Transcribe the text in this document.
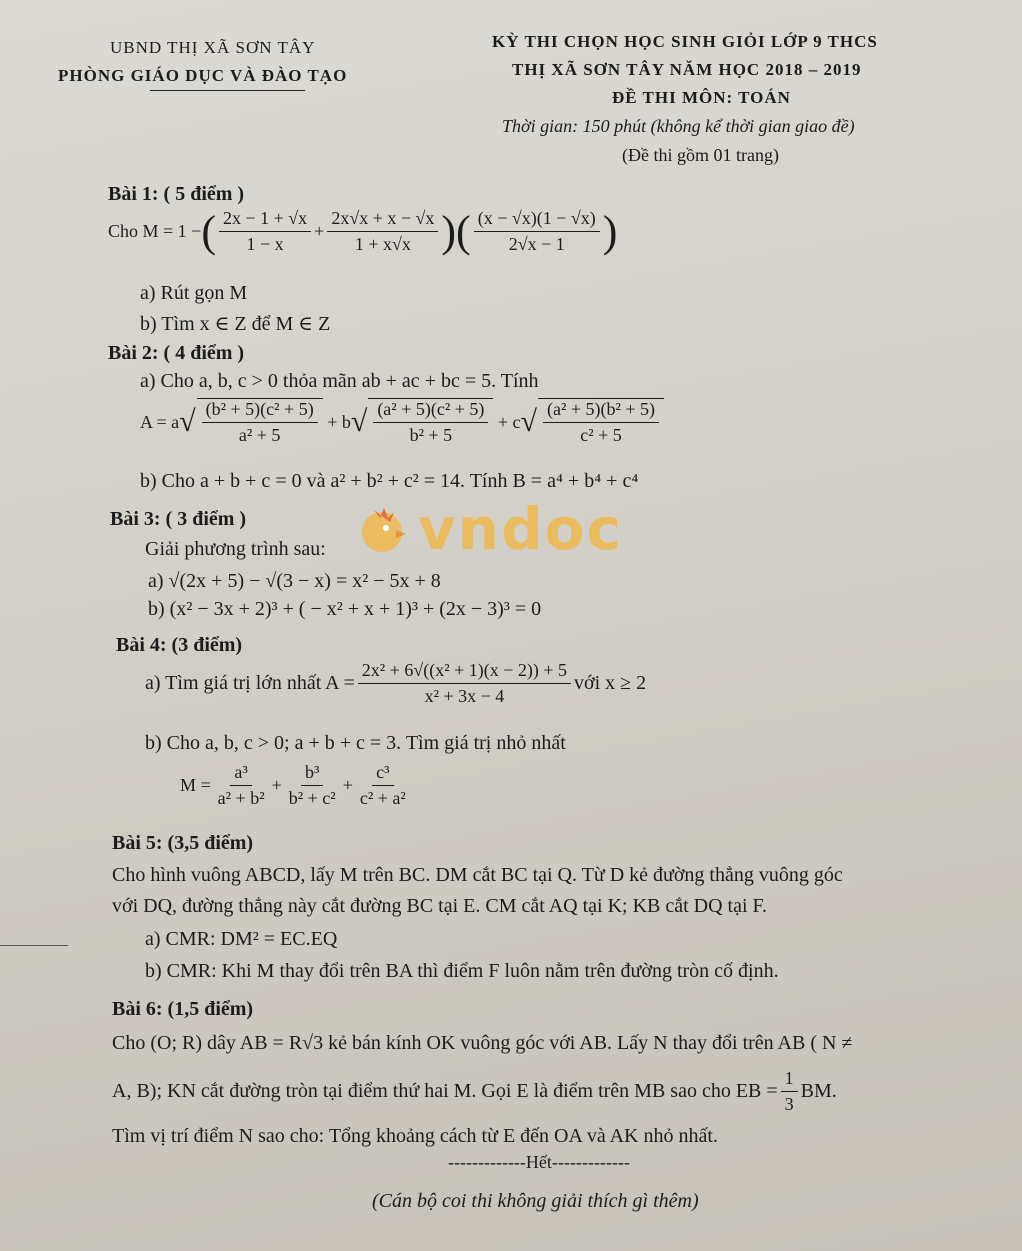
UBND THỊ XÃ SƠN TÂY
PHÒNG GIÁO DỤC VÀ ĐÀO TẠO
KỲ THI CHỌN HỌC SINH GIỎI LỚP 9 THCS
THỊ XÃ SƠN TÂY NĂM HỌC 2018 – 2019
ĐỀ THI MÔN: TOÁN
Thời gian: 150 phút (không kể thời gian giao đề)
(Đề thi gồm 01 trang)
Bài 1: ( 5 điểm )
Cho M = 1 − ( $\frac{2x - 1 + √x}{1 - x} + \frac{2x√x + x - √x}{1 + x√x}$ )( $\frac{(x - √x)(1 - √x)}{2√x - 1}$ )
a) Rút gọn M
b) Tìm x ∈ Z để M ∈ Z
Bài 2: ( 4 điểm )
a) Cho a, b, c > 0 thỏa mãn ab + ac + bc = 5. Tính
A = a √ $\frac{\text{(b² + 5)(c² + 5)}}{\text{a² + 5}} + b$ √ $\frac{\text{(a² + 5)(c² + 5)}}{\text{b² + 5}} + c$ √ $\frac{\text{(a² + 5)(b² + 5)}}{\text{c² + 5}}$
b) Cho a + b + c = 0 và a² + b² + c² = 14. Tính B = a⁴ + b⁴ + c⁴
vndoc
Bài 3: ( 3 điểm )
Giải phương trình sau:
a) √(2x + 5) − √(3 − x) = x² − 5x + 8
b) (x² − 3x + 2)³ + ( − x² + x + 1)³ + (2x − 3)³ = 0
Bài 4: (3 điểm)
a) Tìm giá trị lớn nhất $A = \frac{\text{2x² + 6√((x² + 1)(x − 2)) + 5}}{\text{x² + 3x − 4}}$ với x ≥ 2
b) Cho a, b, c > 0; a + b + c = 3. Tìm giá trị nhỏ nhất
$M = \frac{\text{a³}}{\text{a² + b²}} + \frac{\text{b³}}{\text{b² + c²}} + \frac{\text{c³}}{\text{c² + a²}}$
Bài 5: (3,5 điểm)
Cho hình vuông ABCD, lấy M trên BC. DM cắt BC tại Q. Từ D kẻ đường thẳng vuông góc
với DQ, đường thẳng này cắt đường BC tại E. CM cắt AQ tại K; KB cắt DQ tại F.
a) CMR: DM² = EC.EQ
b) CMR: Khi M thay đổi trên BA thì điểm F luôn nằm trên đường tròn cố định.
Bài 6: (1,5 điểm)
Cho (O; R) dây AB = R√3 kẻ bán kính OK vuông góc với AB. Lấy N thay đổi trên AB ( N ≠
A, B); KN cắt đường tròn tại điểm thứ hai M. Gọi E là điểm trên MB sao cho EB = $\frac{1}{3}$ BM.
Tìm vị trí điểm N sao cho: Tổng khoảng cách từ E đến OA và AK nhỏ nhất.
-------------Hết-------------
(Cán bộ coi thi không giải thích gì thêm)
